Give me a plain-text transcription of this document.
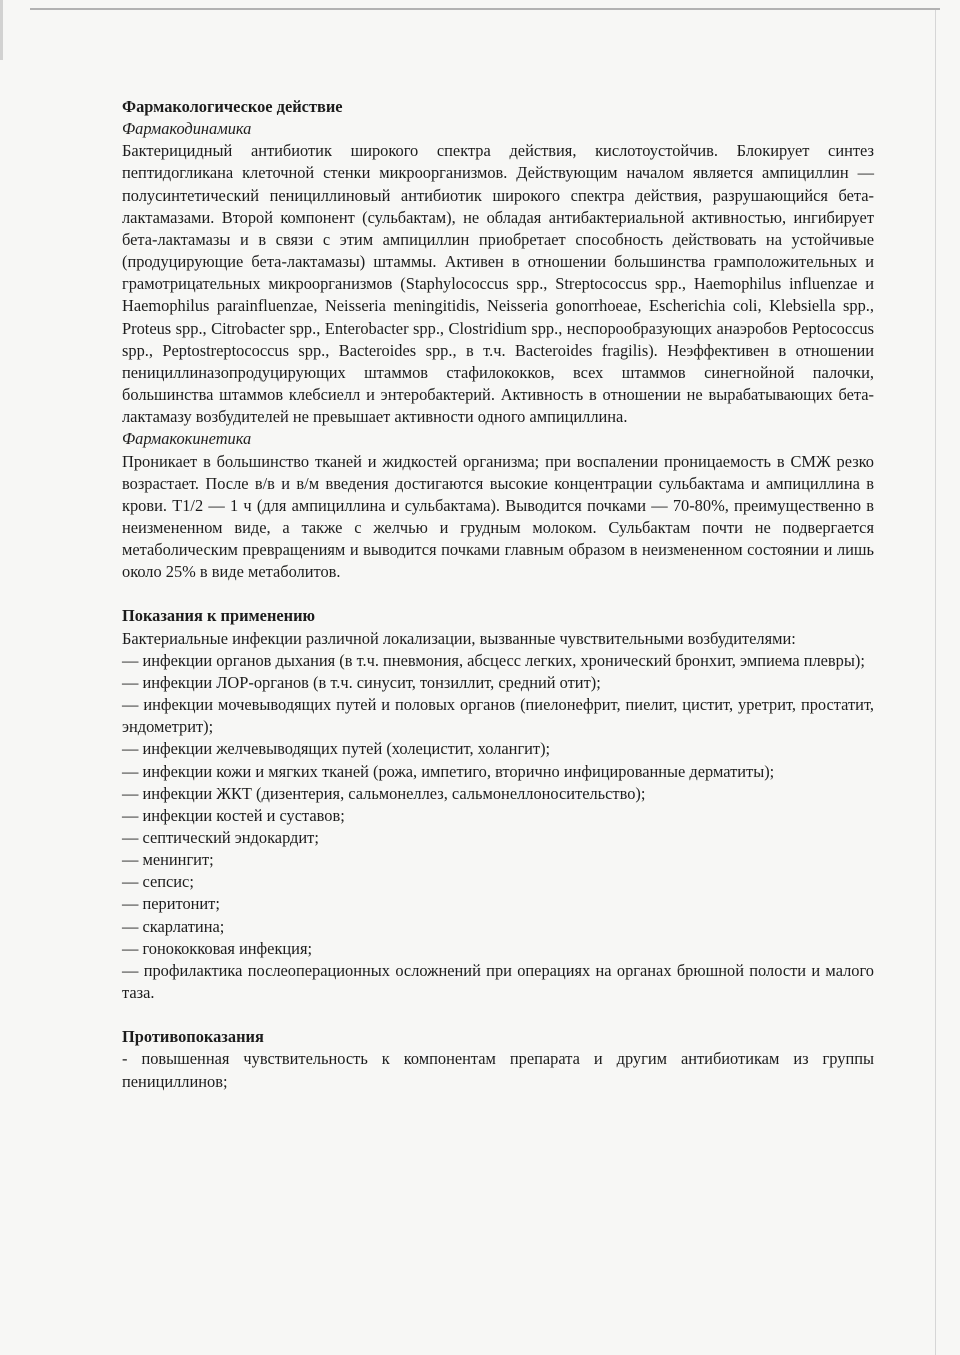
Фармакологическое действие

Фармакодинамика

Бактерицидный антибиотик широкого спектра действия, кислотоустойчив. Блокирует синтез пептидогликана клеточной стенки микроорганизмов. Действующим началом является ампициллин — полусинтетический пенициллиновый антибиотик широкого спектра действия, разрушающийся бета-лактамазами. Второй компонент (сульбактам), не обладая антибактериальной активностью, ингибирует бета-лактамазы и в связи с этим ампициллин приобретает способность действовать на устойчивые (продуцирующие бета-лактамазы) штаммы. Активен в отношении большинства грамположительных и грамотрицательных микроорганизмов (Staphylococcus spp., Streptococcus spp., Haemophilus influenzae и Haemophilus parainfluenzae, Neisseria meningitidis, Neisseria gonorrhoeae, Escherichia coli, Klebsiella spp., Proteus spp., Citrobacter spp., Enterobacter spp., Clostridium spp., неспорообразующих анаэробов Peptococcus spp., Peptostreptococcus spp., Bacteroides spp., в т.ч. Bacteroides fragilis). Неэффективен в отношении пенициллиназопродуцирующих штаммов стафилококков, всех штаммов синегнойной палочки, большинства штаммов клебсиелл и энтеробактерий. Активность в отношении не вырабатывающих бета-лактамазу возбудителей не превышает активности одного ампициллина.

Фармакокинетика

Проникает в большинство тканей и жидкостей организма; при воспалении проницаемость в СМЖ резко возрастает. После в/в и в/м введения достигаются высокие концентрации сульбактама и ампициллина в крови. T1/2 — 1 ч (для ампициллина и сульбактама). Выводится почками — 70-80%, преимущественно в неизмененном виде, а также с желчью и грудным молоком. Сульбактам почти не подвергается метаболическим превращениям и выводится почками главным образом в неизмененном состоянии и лишь около 25% в виде метаболитов.

Показания к применению

Бактериальные инфекции различной локализации, вызванные чувствительными возбудителями:

— инфекции органов дыхания (в т.ч. пневмония, абсцесс легких, хронический бронхит, эмпиема плевры);

— инфекции ЛОР-органов (в т.ч. синусит, тонзиллит, средний отит);

— инфекции мочевыводящих путей и половых органов (пиелонефрит, пиелит, цистит, уретрит, простатит, эндометрит);

— инфекции желчевыводящих путей (холецистит, холангит);

— инфекции кожи и мягких тканей (рожа, импетиго, вторично инфицированные дерматиты);

— инфекции ЖКТ (дизентерия, сальмонеллез, сальмонеллоносительство);

— инфекции костей и суставов;

— септический эндокардит;

— менингит;

— сепсис;

— перитонит;

— скарлатина;

— гонококковая инфекция;

— профилактика послеоперационных осложнений при операциях на органах брюшной полости и малого таза.

Противопоказания

- повышенная чувствительность к компонентам препарата и другим антибиотикам из группы пенициллинов;
